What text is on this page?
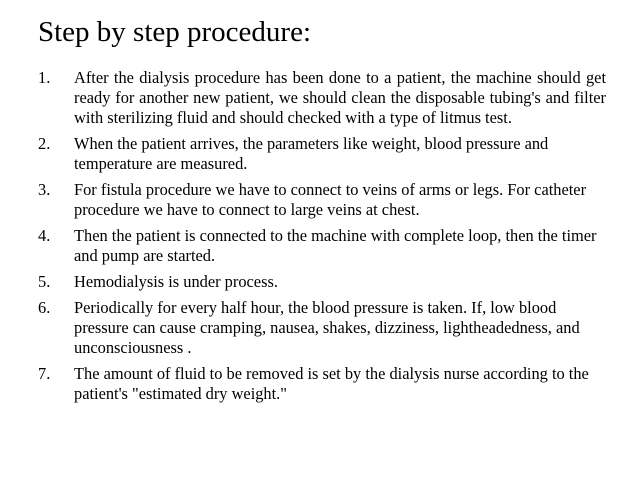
Step by step procedure:
1.	After the dialysis procedure has been done to a patient, the machine should get ready for another new patient, we should clean the disposable tubing's and filter with sterilizing fluid and should checked with a type of litmus test.
2.	When the patient arrives, the parameters like weight, blood pressure and temperature are measured.
3.	For fistula procedure we have to connect to veins of arms or legs. For catheter procedure we have to connect to large veins at chest.
4.	Then the patient is connected to the machine with complete loop, then the timer and pump are started.
5.	Hemodialysis is under process.
6.	Periodically for every half hour, the blood pressure is taken. If, low blood pressure can cause cramping, nausea, shakes, dizziness, lightheadedness, and unconsciousness .
7.	The amount of fluid to be removed is set by the dialysis nurse according to the patient's "estimated dry weight."
